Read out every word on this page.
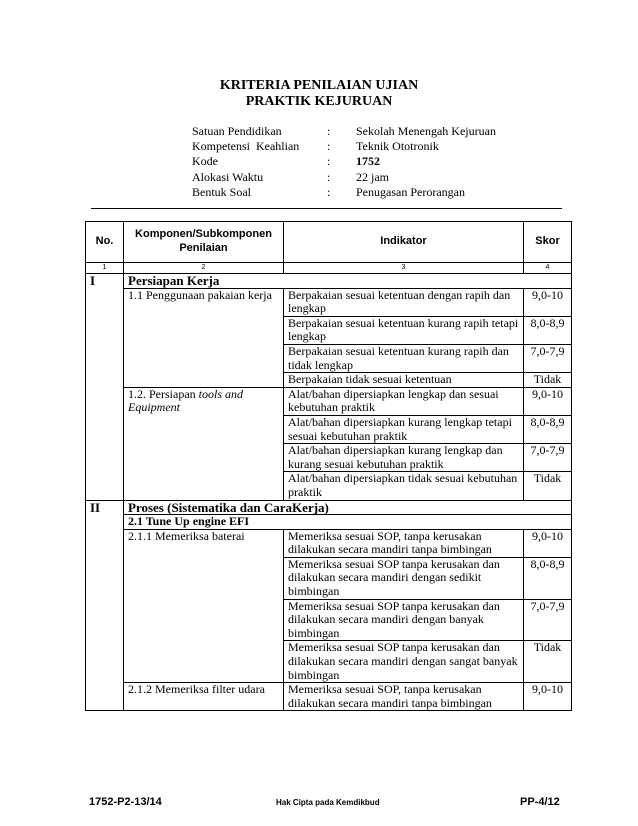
KRITERIA PENILAIAN UJIAN
PRAKTIK KEJURUAN
Satuan Pendidikan	:	Sekolah Menengah Kejuruan
Kompetensi  Keahlian	:	Teknik Ototronik
Kode	:	1752
Alokasi Waktu	:	22 jam
Bentuk Soal	:	Penugasan Perorangan
No.	Komponen/Subkomponen Penilaian	Indikator	Skor
1	2	3	4
I	Persiapan Kerja		

	1.1 Penggunaan pakaian kerja	Berpakaian sesuai ketentuan dengan rapih dan lengkap	9,0-10
		Berpakaian sesuai ketentuan kurang rapih tetapi lengkap	8,0-8,9
		Berpakaian sesuai ketentuan kurang rapih dan tidak lengkap	7,0-7,9
		Berpakaian tidak sesuai ketentuan	Tidak
	1.2. Persiapan tools and Equipment	Alat/bahan dipersiapkan lengkap dan sesuai kebutuhan praktik	9,0-10
		Alat/bahan dipersiapkan kurang lengkap tetapi sesuai kebutuhan praktik	8,0-8,9
		Alat/bahan dipersiapkan kurang lengkap dan kurang sesuai kebutuhan praktik	7,0-7,9
		Alat/bahan dipersiapkan tidak sesuai kebutuhan praktik	Tidak
II	Proses (Sistematika dan CaraKerja)		
	2.1 Tune Up engine EFI		
	2.1.1 Memeriksa baterai	Memeriksa sesuai SOP, tanpa kerusakan dilakukan secara mandiri tanpa bimbingan	9,0-10
		Memeriksa sesuai SOP tanpa kerusakan dan dilakukan secara mandiri dengan sedikit bimbingan	8,0-8,9
		Memeriksa sesuai SOP tanpa kerusakan dan dilakukan secara mandiri dengan banyak bimbingan	7,0-7,9
		Memeriksa sesuai SOP tanpa kerusakan dan dilakukan secara mandiri dengan sangat banyak bimbingan	Tidak
	2.1.2 Memeriksa filter udara	Memeriksa sesuai SOP, tanpa kerusakan dilakukan secara mandiri tanpa bimbingan	9,0-10
1752-P2-13/14	Hak Cipta pada Kemdikbud	PP-4/12
